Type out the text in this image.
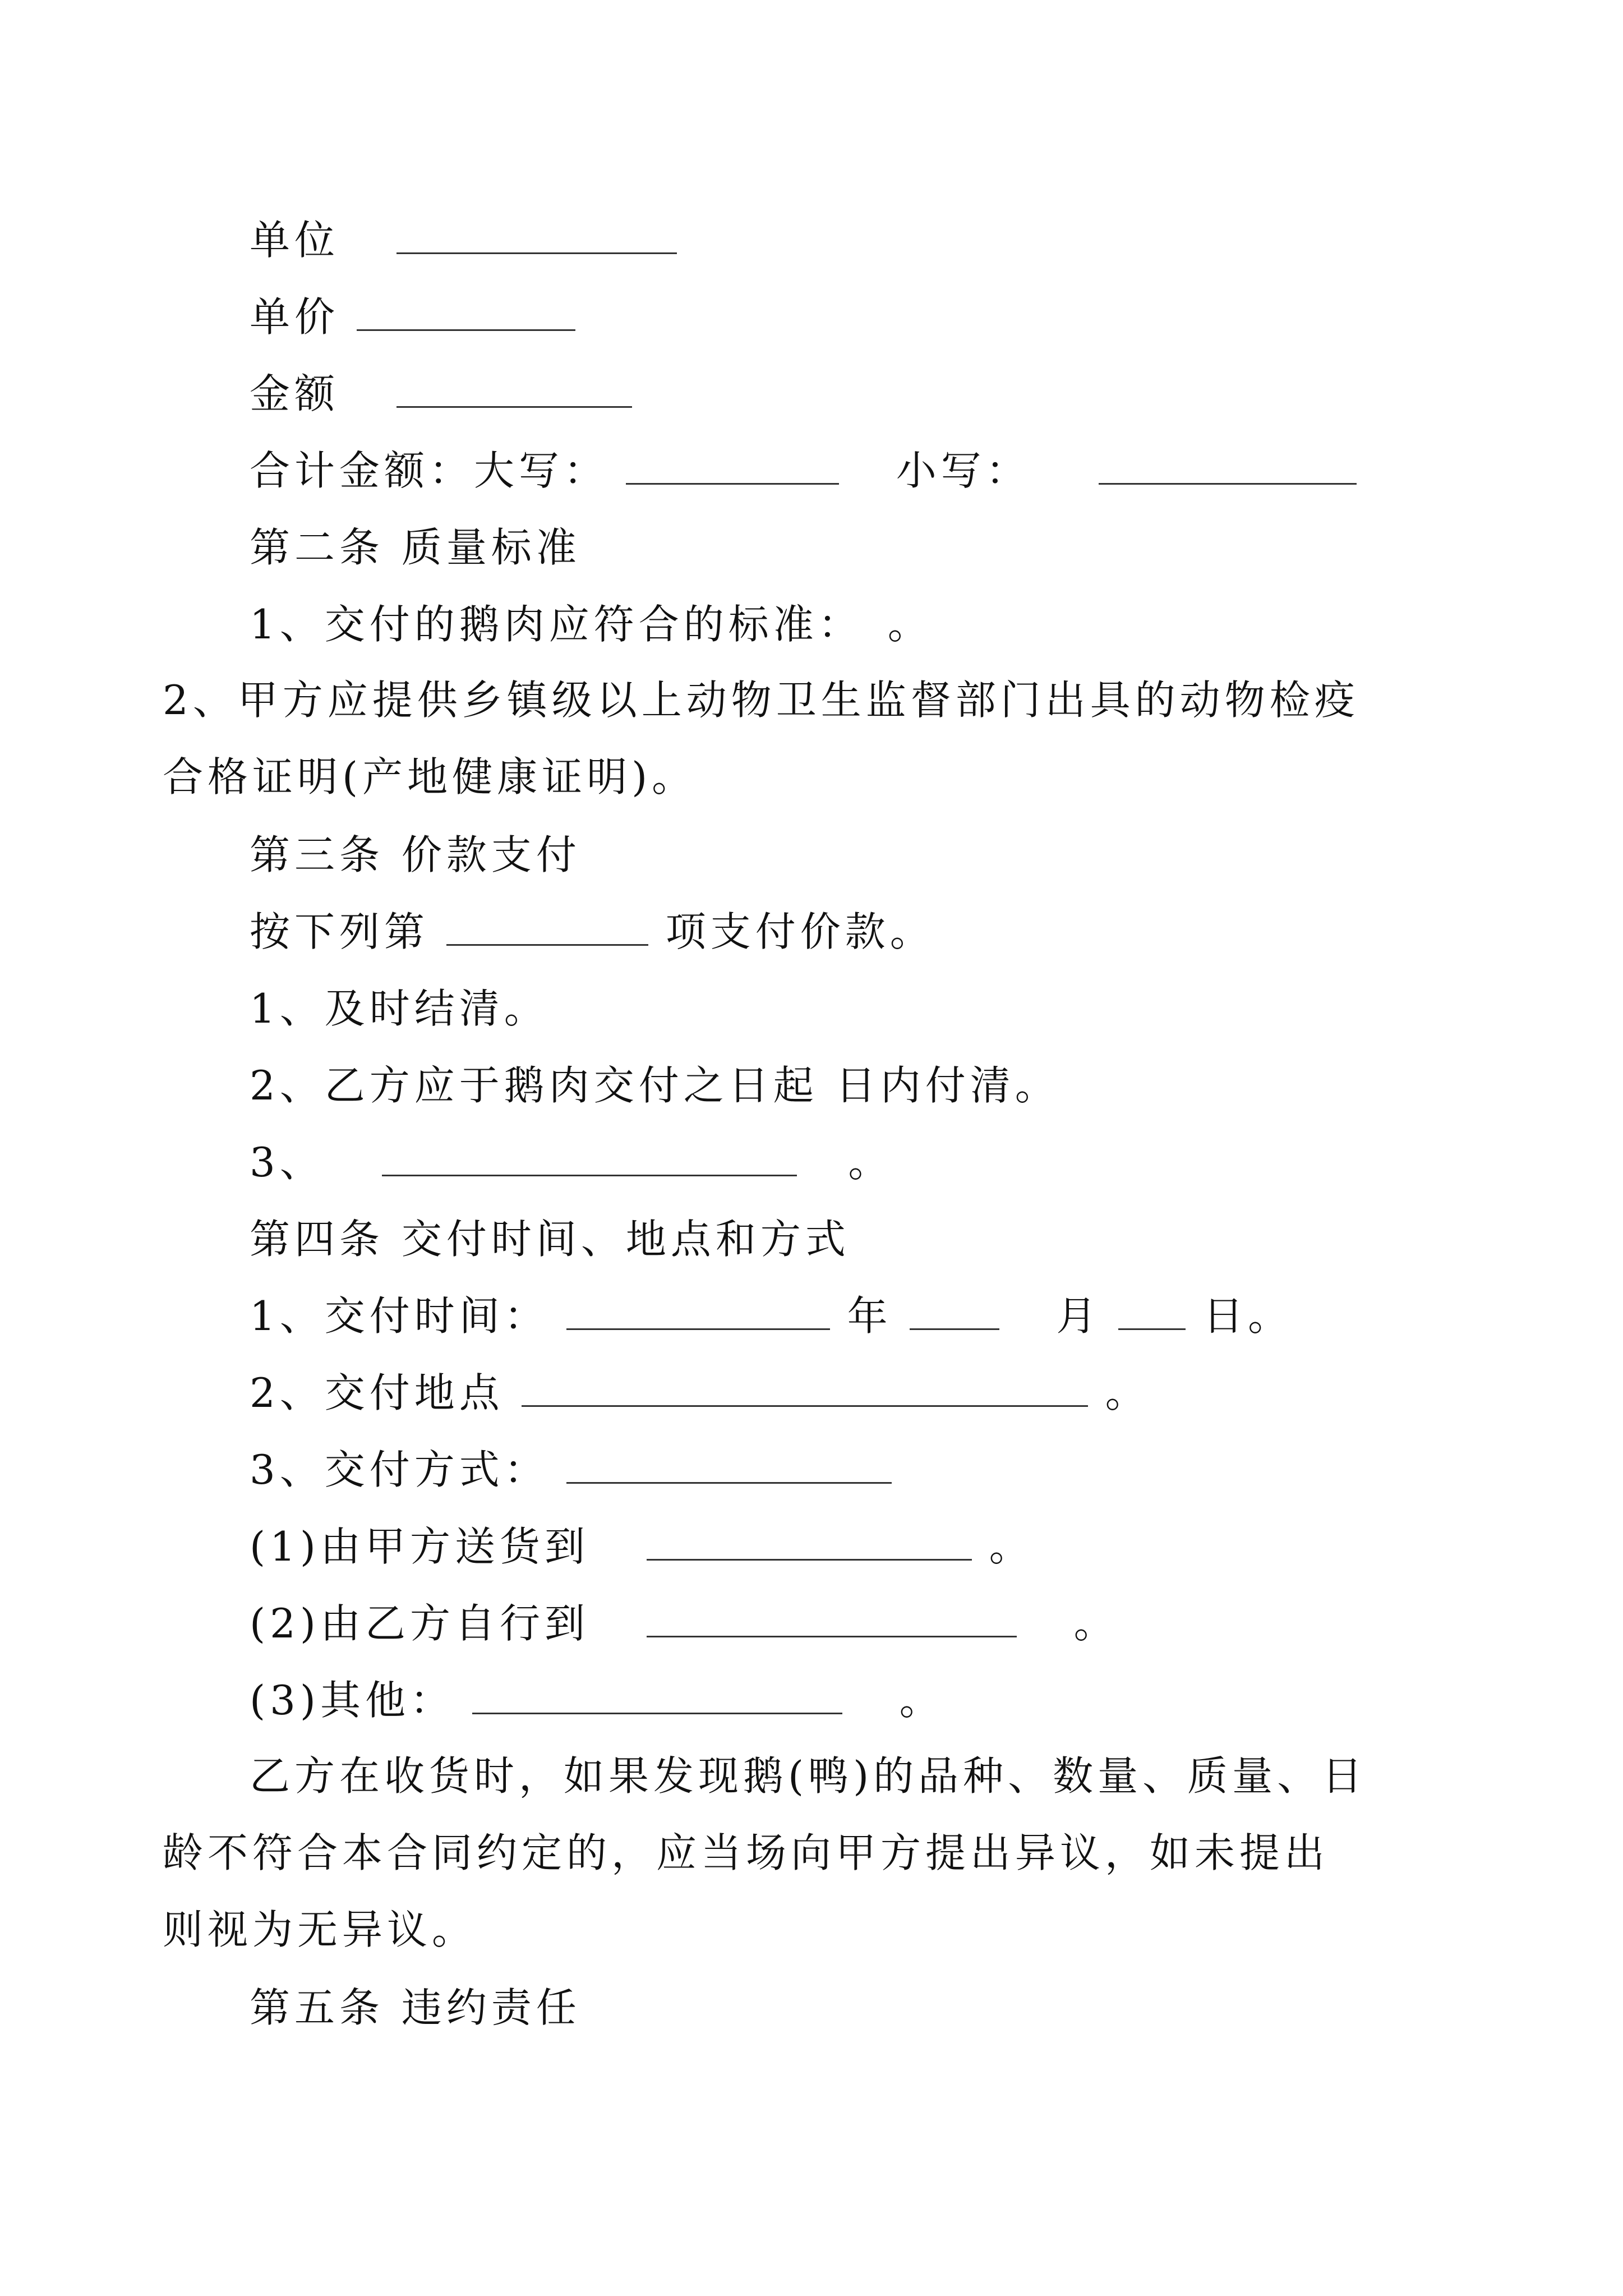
单位
单价
金额
合计金额：大写：	小写：
第二条 质量标准
1、交付的鹅肉应符合的标准：　。
2、甲方应提供乡镇级以上动物卫生监督部门出具的动物检疫合格证明(产地健康证明)。
第三条 价款支付
按下列第	项支付价款。
1、及时结清。
2、乙方应于鹅肉交付之日起 日内付清。
3、	。
第四条 交付时间、地点和方式
1、交付时间：	年	月	日。
2、交付地点	。
3、交付方式：
(1)由甲方送货到	。
(2)由乙方自行到	。
(3)其他：	。
乙方在收货时，如果发现鹅(鸭)的品种、数量、质量、日龄不符合本合同约定的，应当场向甲方提出异议，如未提出则视为无异议。
第五条 违约责任
